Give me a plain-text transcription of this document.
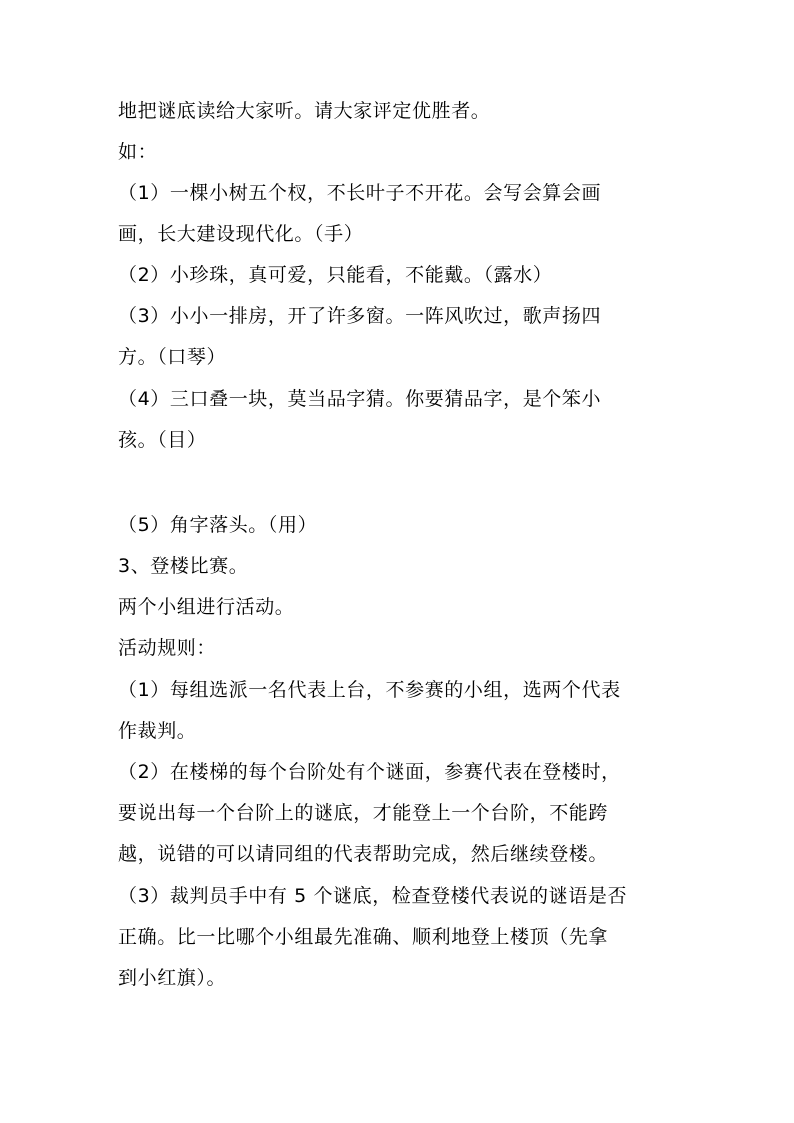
地把谜底读给大家听。请大家评定优胜者。
如：
（1）一棵小树五个杈，不长叶子不开花。会写会算会画
画，长大建设现代化。（手）
（2）小珍珠，真可爱，只能看，不能戴。（露水）
（3）小小一排房，开了许多窗。一阵风吹过，歌声扬四
方。（口琴）
（4）三口叠一块，莫当品字猜。你要猜品字，是个笨小
孩。（目）
（5）角字落头。（用）
3、登楼比赛。
两个小组进行活动。
活动规则：
（1）每组选派一名代表上台，不参赛的小组，选两个代表
作裁判。
（2）在楼梯的每个台阶处有个谜面，参赛代表在登楼时，
要说出每一个台阶上的谜底，才能登上一个台阶，不能跨
越，说错的可以请同组的代表帮助完成，然后继续登楼。
（3）裁判员手中有 5 个谜底，检查登楼代表说的谜语是否
正确。比一比哪个小组最先准确、顺利地登上楼顶（先拿
到小红旗）。
